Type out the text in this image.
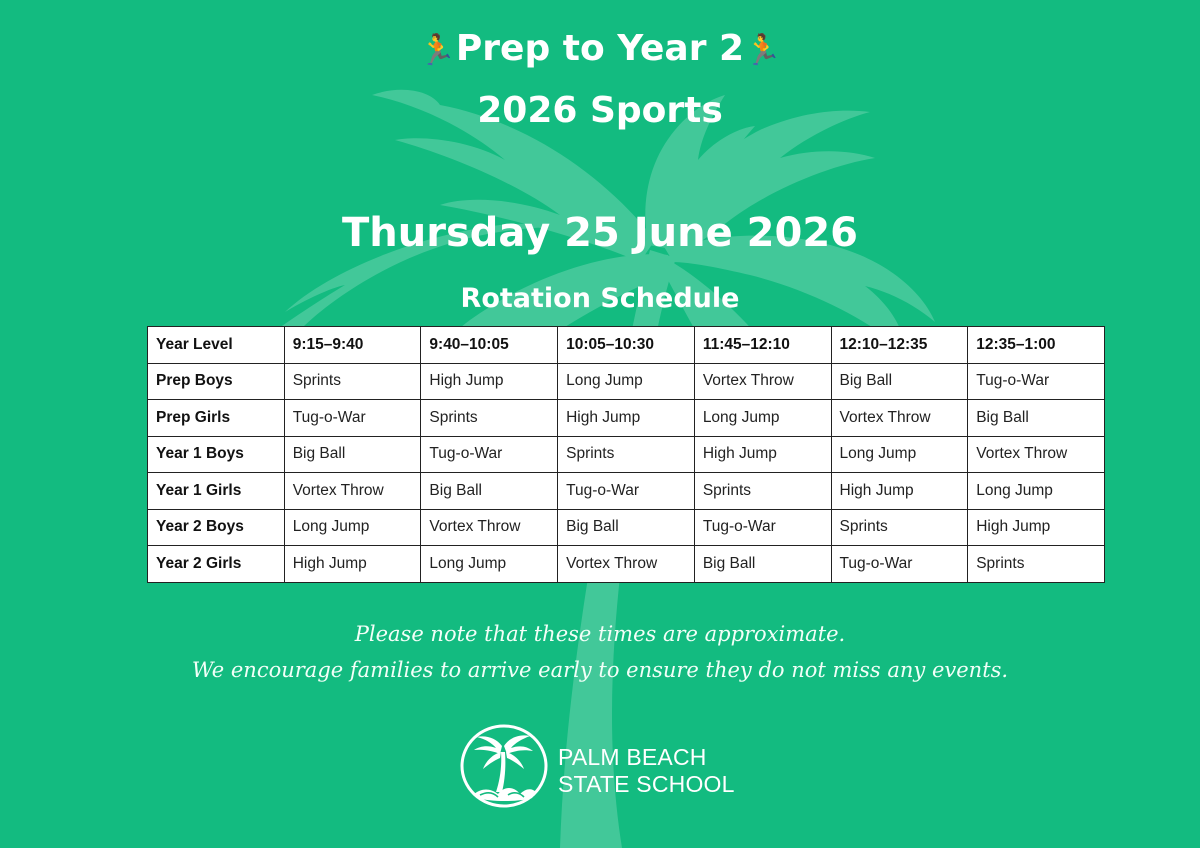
🏃Prep to Year 2🏃
2026 Sports
Thursday 25 June 2026
Rotation Schedule
Year Level	9:15–9:40	9:40–10:05	10:05–10:30	11:45–12:10	12:10–12:35	12:35–1:00
Prep Boys	Sprints	High Jump	Long Jump	Vortex Throw	Big Ball	Tug-o-War
Prep Girls	Tug-o-War	Sprints	High Jump	Long Jump	Vortex Throw	Big Ball
Year 1 Boys	Big Ball	Tug-o-War	Sprints	High Jump	Long Jump	Vortex Throw
Year 1 Girls	Vortex Throw	Big Ball	Tug-o-War	Sprints	High Jump	Long Jump
Year 2 Boys	Long Jump	Vortex Throw	Big Ball	Tug-o-War	Sprints	High Jump
Year 2 Girls	High Jump	Long Jump	Vortex Throw	Big Ball	Tug-o-War	Sprints
Please note that these times are approximate.
We encourage families to arrive early to ensure they do not miss any events.
PALM BEACH
STATE SCHOOL
